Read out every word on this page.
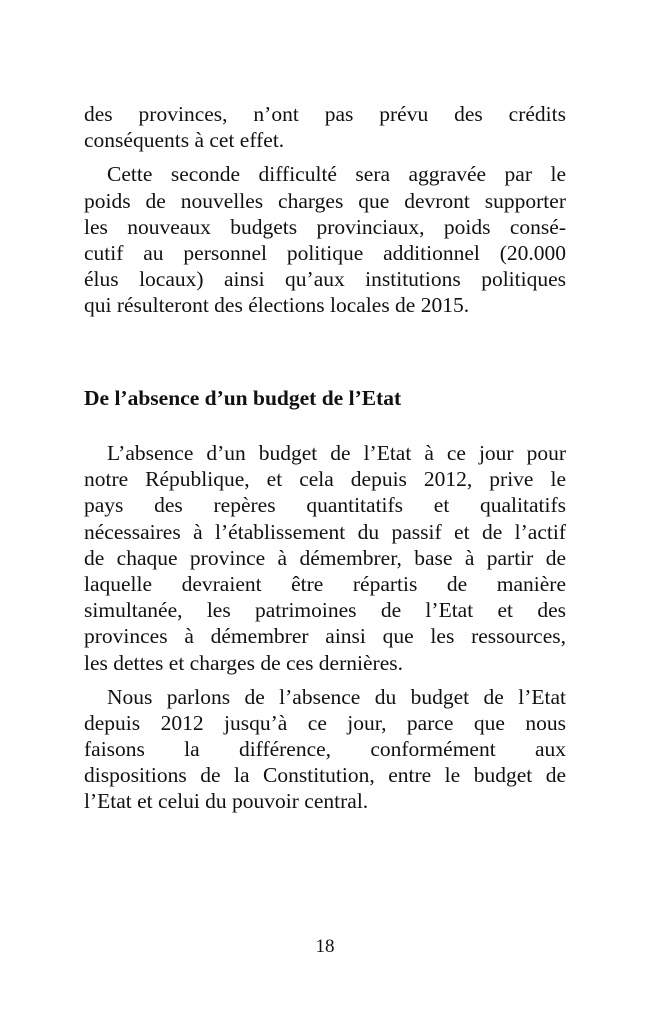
des provinces, n’ont pas prévu des crédits

conséquents à cet effet.

Cette seconde difficulté sera aggravée par le

poids de nouvelles charges que devront supporter

les nouveaux budgets provinciaux, poids consé-

cutif au personnel politique additionnel (20.000

élus locaux) ainsi qu’aux institutions politiques

qui résulteront des élections locales de 2015.

De l’absence d’un budget de l’Etat

L’absence d’un budget de l’Etat à ce jour pour

notre République, et cela depuis 2012, prive le

pays des repères quantitatifs et qualitatifs

nécessaires à l’établissement du passif et de l’actif

de chaque province à démembrer, base à partir de

laquelle devraient être répartis de manière

simultanée, les patrimoines de l’Etat et des

provinces à démembrer ainsi que les ressources,

les dettes et charges de ces dernières.

Nous parlons de l’absence du budget de l’Etat

depuis 2012 jusqu’à ce jour, parce que nous

faisons la différence, conformément aux

dispositions de la Constitution, entre le budget de

l’Etat et celui du pouvoir central.

18
